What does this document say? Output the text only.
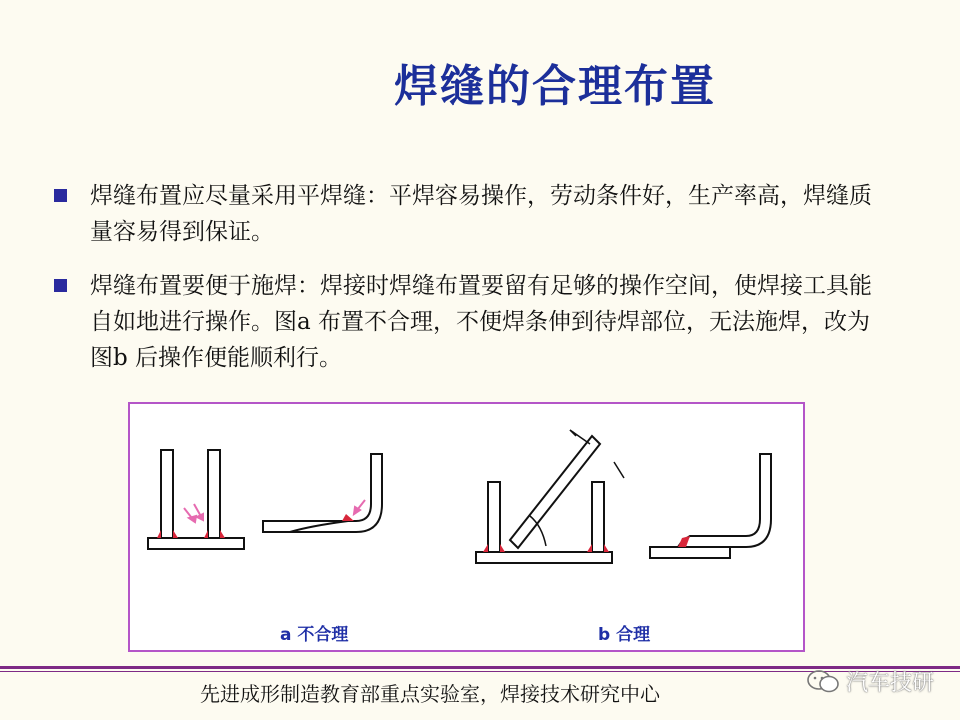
焊缝的合理布置
焊缝布置应尽量采用平焊缝：平焊容易操作，劳动条件好，生产率高，焊缝质量容易得到保证。
焊缝布置要便于施焊：焊接时焊缝布置要留有足够的操作空间，使焊接工具能自如地进行操作。图a 布置不合理，不便焊条伸到待焊部位，无法施焊，改为图b 后操作便能顺利行。
a 不合理	b 合理
先进成形制造教育部重点实验室，焊接技术研究中心	汽车技研
